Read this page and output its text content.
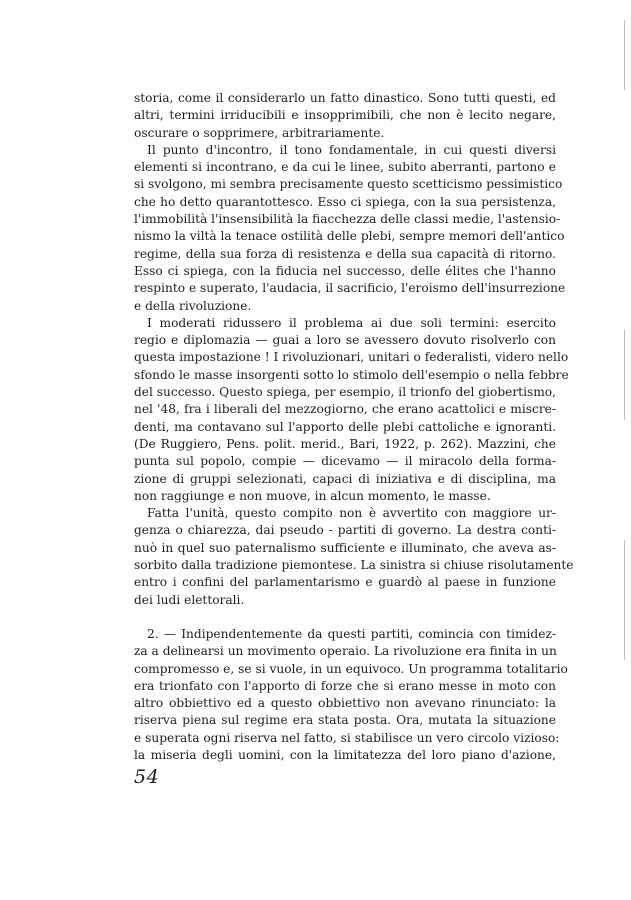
storia, come il considerarlo un fatto dinastico. Sono tutti questi, ed
altri, termini irriducibili e insopprimibili, che non è lecito negare,
oscurare o sopprimere, arbitrariamente.
Il punto d'incontro, il tono fondamentale, in cui questi diversi
elementi si incontrano, e da cui le linee, subito aberranti, partono e
si svolgono, mi sembra precisamente questo scetticismo pessimistico
che ho detto quarantottesco. Esso ci spiega, con la sua persistenza,
l'immobilità l'insensibilità la fiacchezza delle classi medie, l'astensio-
nismo la viltà la tenace ostilità delle plebi, sempre memori dell'antico
regime, della sua forza di resistenza e della sua capacità di ritorno.
Esso ci spiega, con la fiducia nel successo, delle élites che l'hanno
respinto e superato, l'audacia, il sacrificio, l'eroismo dell'insurrezione
e della rivoluzione.
I moderati ridussero il problema ai due soli termini: esercito
regio e diplomazia — guai a loro se avessero dovuto risolverlo con
questa impostazione ! I rivoluzionari, unitari o federalisti, videro nello
sfondo le masse insorgenti sotto lo stimolo dell'esempio o nella febbre
del successo. Questo spiega, per esempio, il trionfo del giobertismo,
nel '48, fra i liberali del mezzogiorno, che erano acattolici e miscre-
denti, ma contavano sul l'apporto delle plebi cattoliche e ignoranti.
(De Ruggiero, Pens. polit. merid., Bari, 1922, p. 262). Mazzini, che
punta sul popolo, compie — dicevamo — il miracolo della forma-
zione di gruppi selezionati, capaci di iniziativa e di disciplina, ma
non raggiunge e non muove, in alcun momento, le masse.
Fatta l'unità, questo compito non è avvertito con maggiore ur-
genza o chiarezza, dai pseudo - partiti di governo. La destra conti-
nuò in quel suo paternalismo sufficiente e illuminato, che aveva as-
sorbito dalla tradizione piemontese. La sinistra si chiuse risolutamente
entro i confini del parlamentarismo e guardò al paese in funzione
dei ludi elettorali.
2. — Indipendentemente da questi partiti, comincia con timidez-
za a delinearsi un movimento operaio. La rivoluzione era finita in un
compromesso e, se si vuole, in un equivoco. Un programma totalitario
era trionfato con l'apporto di forze che si erano messe in moto con
altro obbiettivo ed a questo obbiettivo non avevano rinunciato: la
riserva piena sul regime era stata posta. Ora, mutata la situazione
e superata ogni riserva nel fatto, si stabilisce un vero circolo vizioso:
la miseria degli uomini, con la limitatezza del loro piano d'azione,
54
